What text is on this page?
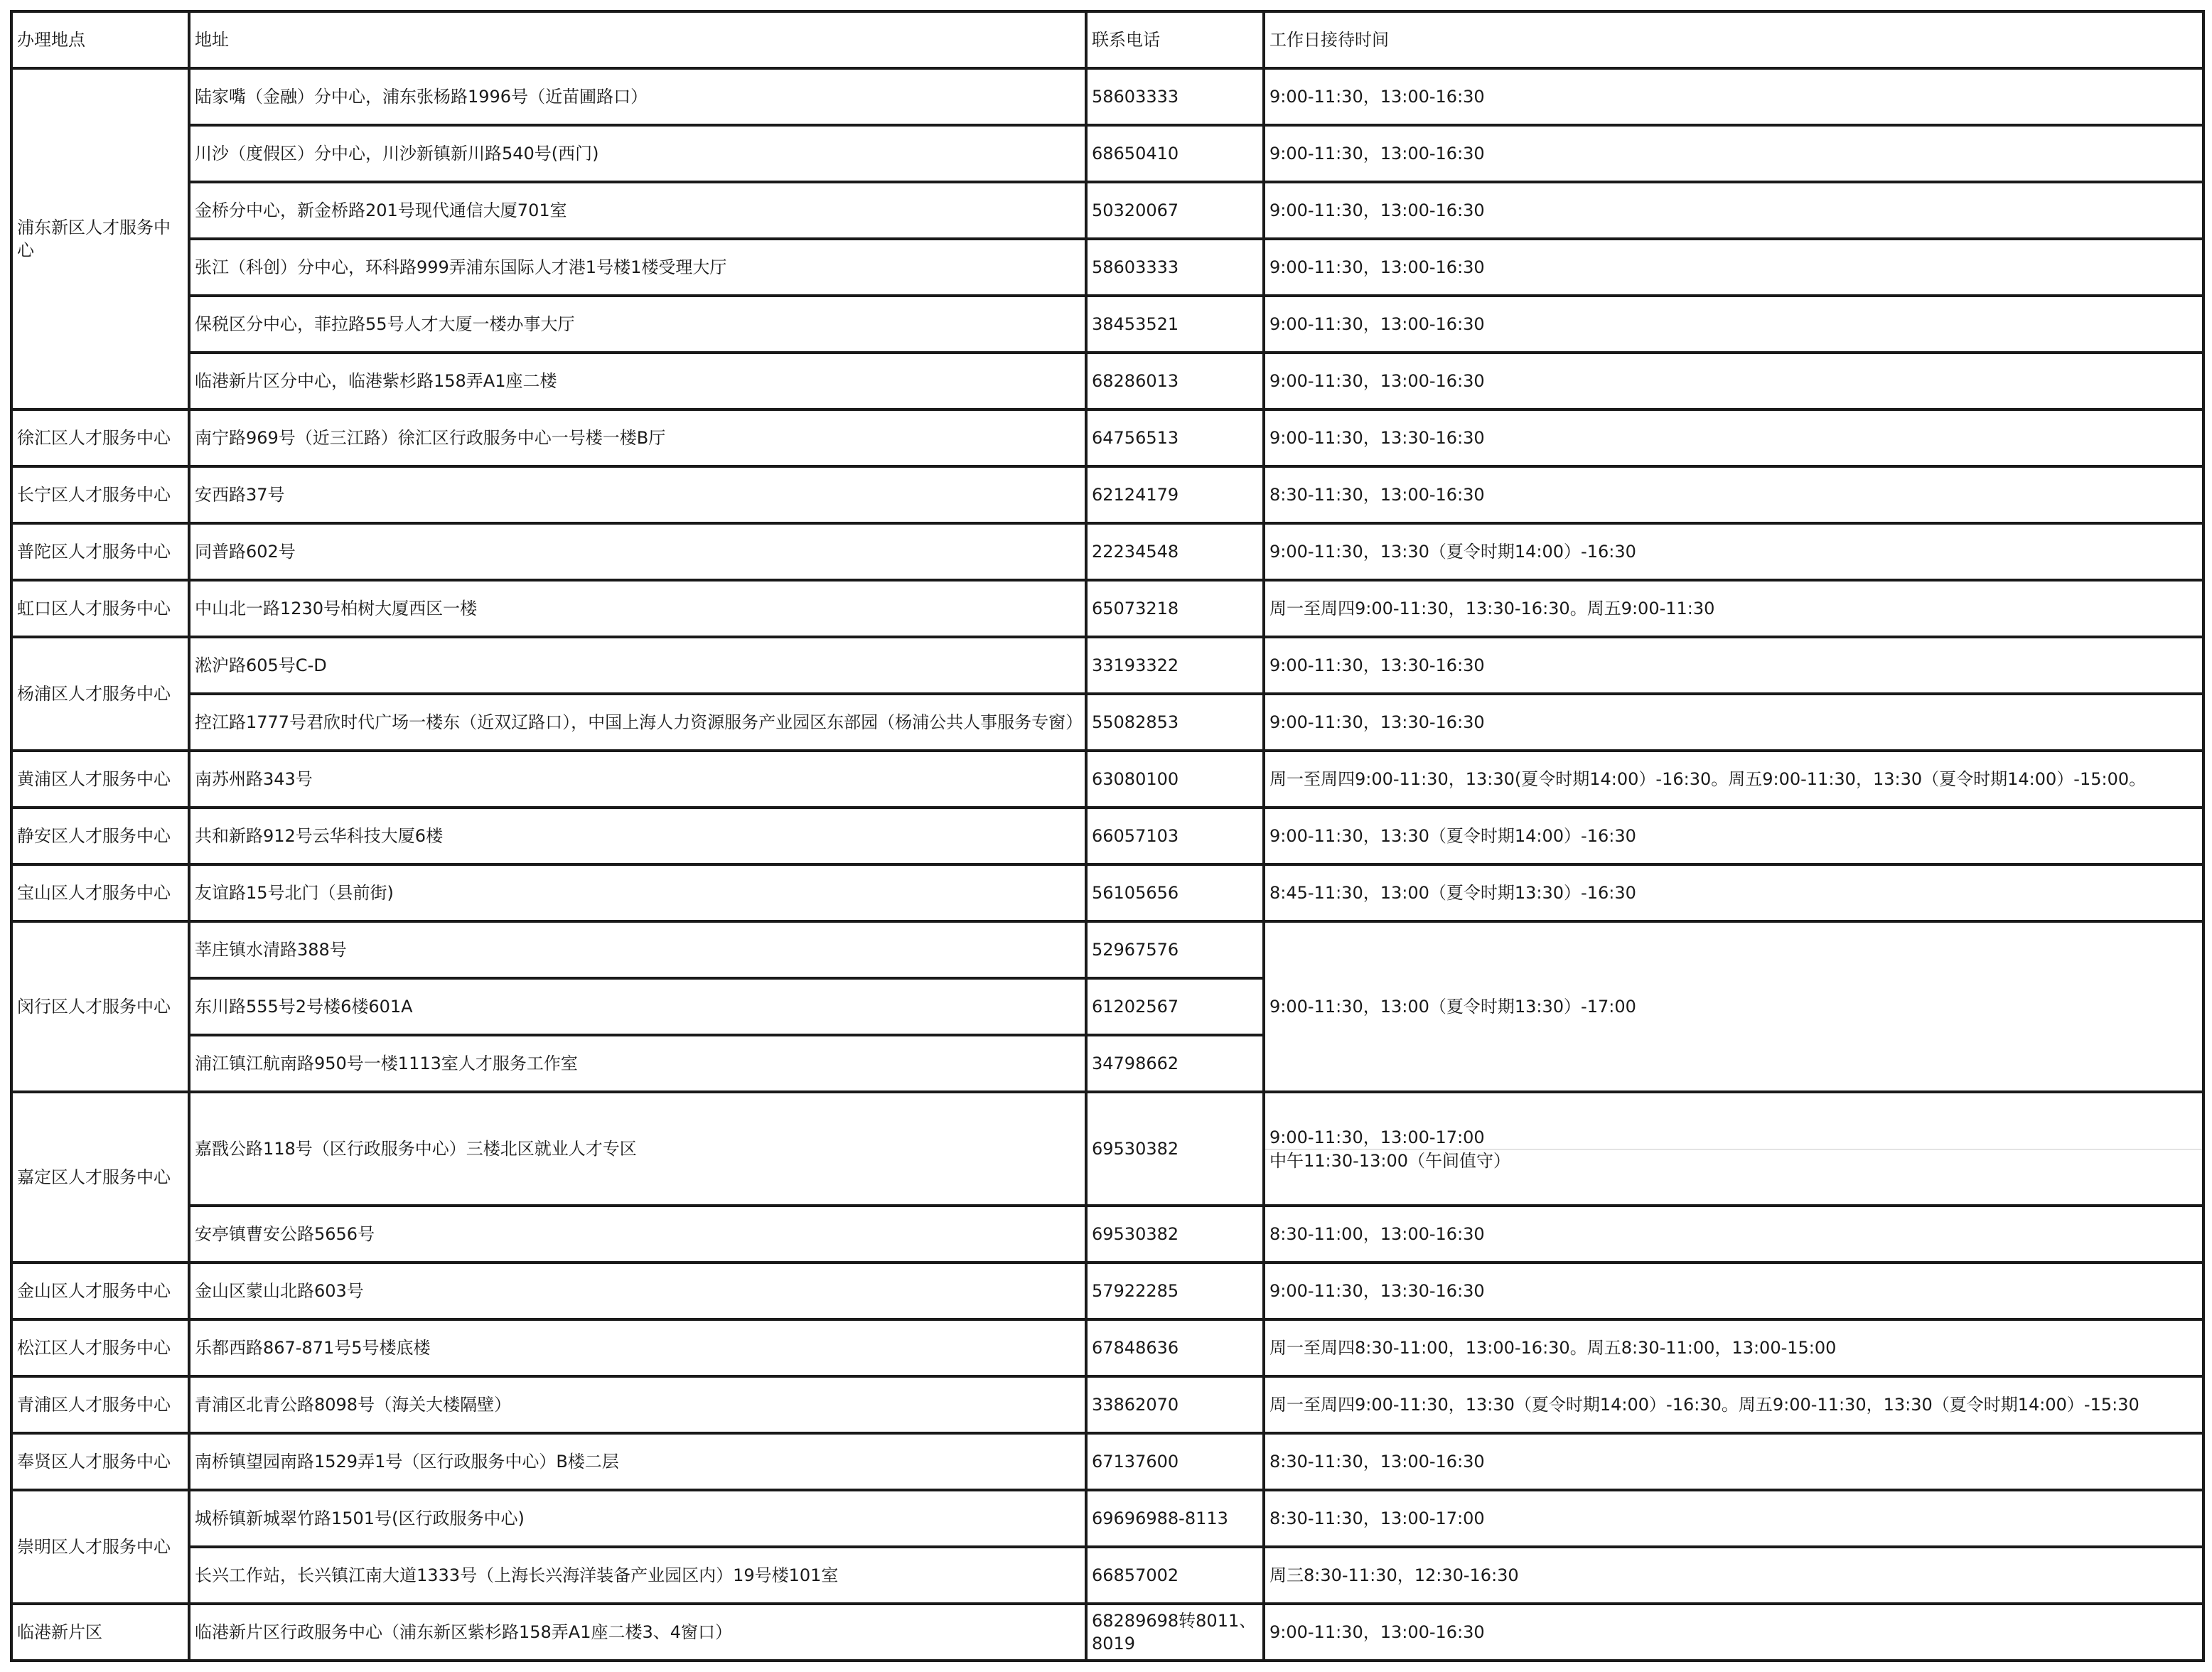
办理地点	地址	联系电话	工作日接待时间
浦东新区人才服务中心	陆家嘴（金融）分中心，浦东张杨路1996号（近苗圃路口）	58603333	9:00-11:30，13:00-16:30
	川沙（度假区）分中心，川沙新镇新川路540号(西门)	68650410	9:00-11:30，13:00-16:30
	金桥分中心，新金桥路201号现代通信大厦701室	50320067	9:00-11:30，13:00-16:30
	张江（科创）分中心，环科路999弄浦东国际人才港1号楼1楼受理大厅	58603333	9:00-11:30，13:00-16:30
	保税区分中心，菲拉路55号人才大厦一楼办事大厅	38453521	9:00-11:30，13:00-16:30
	临港新片区分中心，临港紫杉路158弄A1座二楼	68286013	9:00-11:30，13:00-16:30
徐汇区人才服务中心	南宁路969号（近三江路）徐汇区行政服务中心一号楼一楼B厅	64756513	9:00-11:30，13:30-16:30
长宁区人才服务中心	安西路37号	62124179	8:30-11:30，13:00-16:30
普陀区人才服务中心	同普路602号	22234548	9:00-11:30，13:30（夏令时期14:00）-16:30
虹口区人才服务中心	中山北一路1230号柏树大厦西区一楼	65073218	周一至周四9:00-11:30，13:30-16:30。周五9:00-11:30
杨浦区人才服务中心	淞沪路605号C-D	33193322	9:00-11:30，13:30-16:30
	控江路1777号君欣时代广场一楼东（近双辽路口），中国上海人力资源服务产业园区东部园（杨浦公共人事服务专窗）	55082853	9:00-11:30，13:30-16:30
黄浦区人才服务中心	南苏州路343号	63080100	周一至周四9:00-11:30，13:30(夏令时期14:00）-16:30。周五9:00-11:30，13:30（夏令时期14:00）-15:00。
静安区人才服务中心	共和新路912号云华科技大厦6楼	66057103	9:00-11:30，13:30（夏令时期14:00）-16:30
宝山区人才服务中心	友谊路15号北门（县前街)	56105656	8:45-11:30，13:00（夏令时期13:30）-16:30
闵行区人才服务中心	莘庄镇水清路388号	52967576	9:00-11:30，13:00（夏令时期13:30）-17:00
	东川路555号2号楼6楼601A	61202567	
	浦江镇江航南路950号一楼1113室人才服务工作室	34798662	
嘉定区人才服务中心	嘉戬公路118号（区行政服务中心）三楼北区就业人才专区	69530382	9:00-11:30，13:00-17:00
中午11:30-13:00（午间值守）

	安亭镇曹安公路5656号	69530382	8:30-11:00，13:00-16:30
金山区人才服务中心	金山区蒙山北路603号	57922285	9:00-11:30，13:30-16:30
松江区人才服务中心	乐都西路867-871号5号楼底楼	67848636	周一至周四8:30-11:00，13:00-16:30。周五8:30-11:00，13:00-15:00
青浦区人才服务中心	青浦区北青公路8098号（海关大楼隔壁）	33862070	周一至周四9:00-11:30，13:30（夏令时期14:00）-16:30。周五9:00-11:30，13:30（夏令时期14:00）-15:30
奉贤区人才服务中心	南桥镇望园南路1529弄1号（区行政服务中心）B楼二层	67137600	8:30-11:30，13:00-16:30
崇明区人才服务中心	城桥镇新城翠竹路1501号(区行政服务中心)	69696988-8113	8:30-11:30，13:00-17:00
	长兴工作站，长兴镇江南大道1333号（上海长兴海洋装备产业园区内）19号楼101室	66857002	周三8:30-11:30，12:30-16:30
临港新片区	临港新片区行政服务中心（浦东新区紫杉路158弄A1座二楼3、4窗口）	68289698转8011、8019	9:00-11:30，13:00-16:30
